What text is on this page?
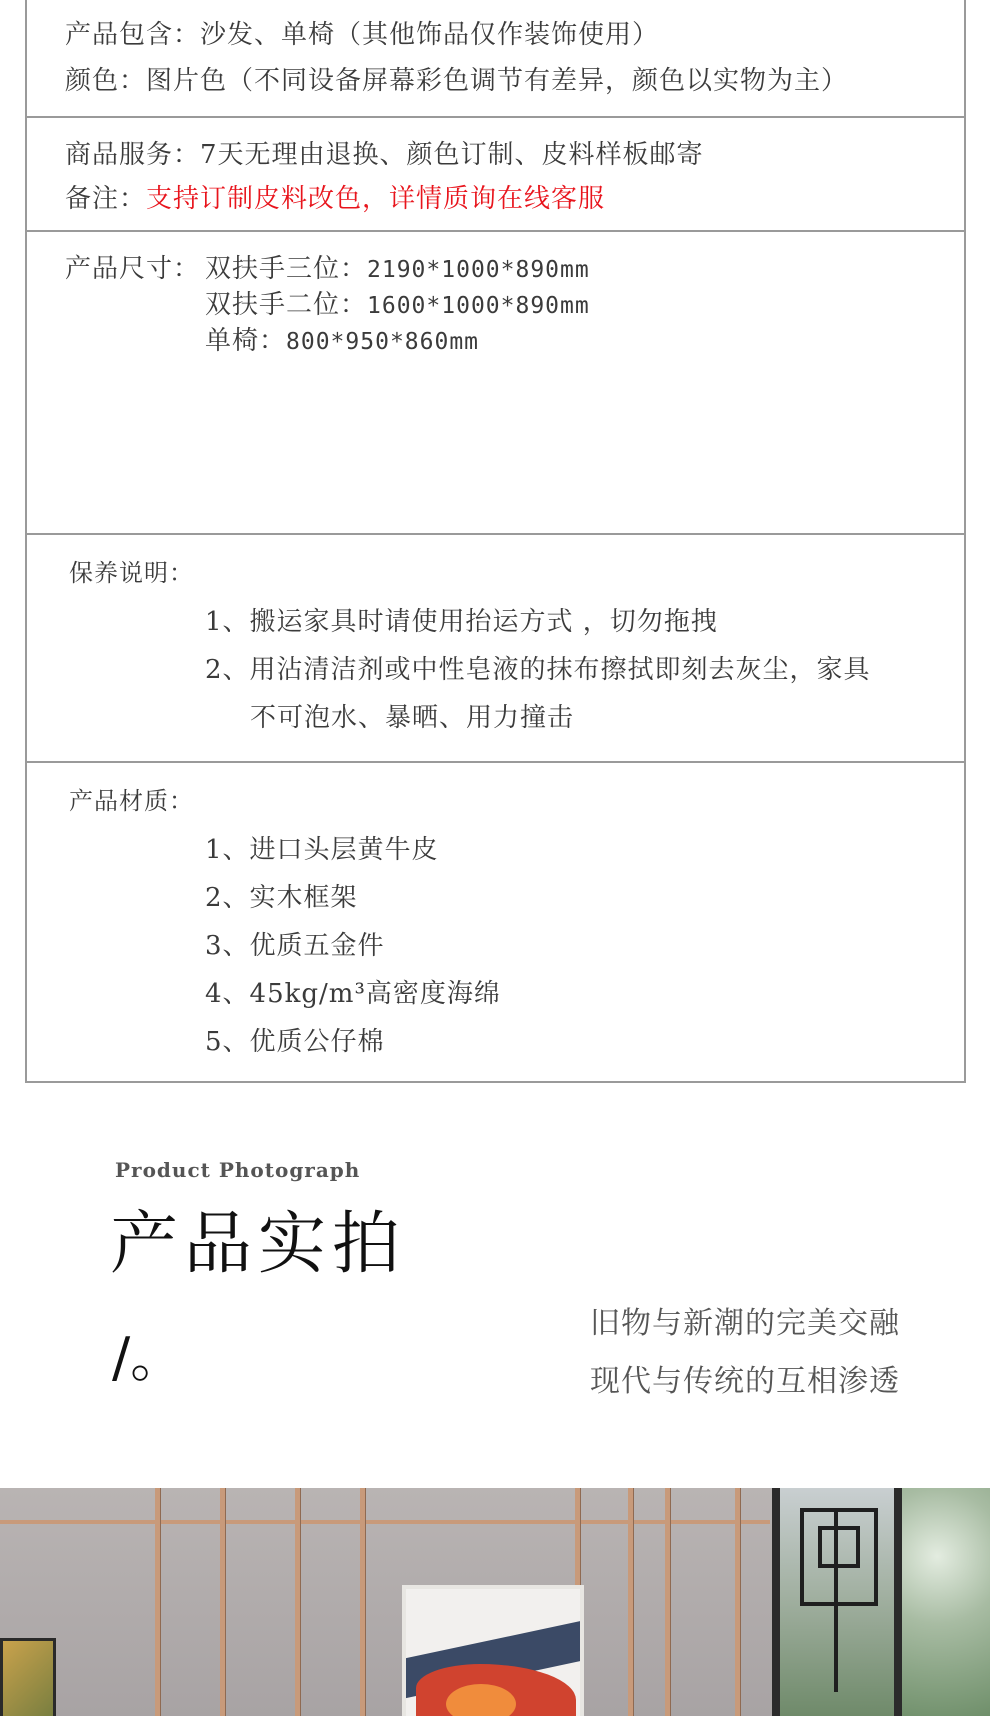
产品包含：沙发、单椅（其他饰品仅作装饰使用）
颜色：图片色（不同设备屏幕彩色调节有差异，颜色以实物为主）
商品服务：7天无理由退换、颜色订制、皮料样板邮寄
备注：支持订制皮料改色，详情质询在线客服
产品尺寸： 双扶手三位：2190*1000*890mm
双扶手二位：1600*1000*890mm
单椅：800*950*860mm
保养说明：
1、搬运家具时请使用抬运方式 ，切勿拖拽
2、用沾清洁剂或中性皂液的抹布擦拭即刻去灰尘，家具
不可泡水、暴晒、用力撞击
产品材质：
1、进口头层黄牛皮
2、实木框架
3、优质五金件
4、45kg/m³高密度海绵
5、优质公仔棉
Product Photograph
产品实拍
/。
旧物与新潮的完美交融
现代与传统的互相渗透
